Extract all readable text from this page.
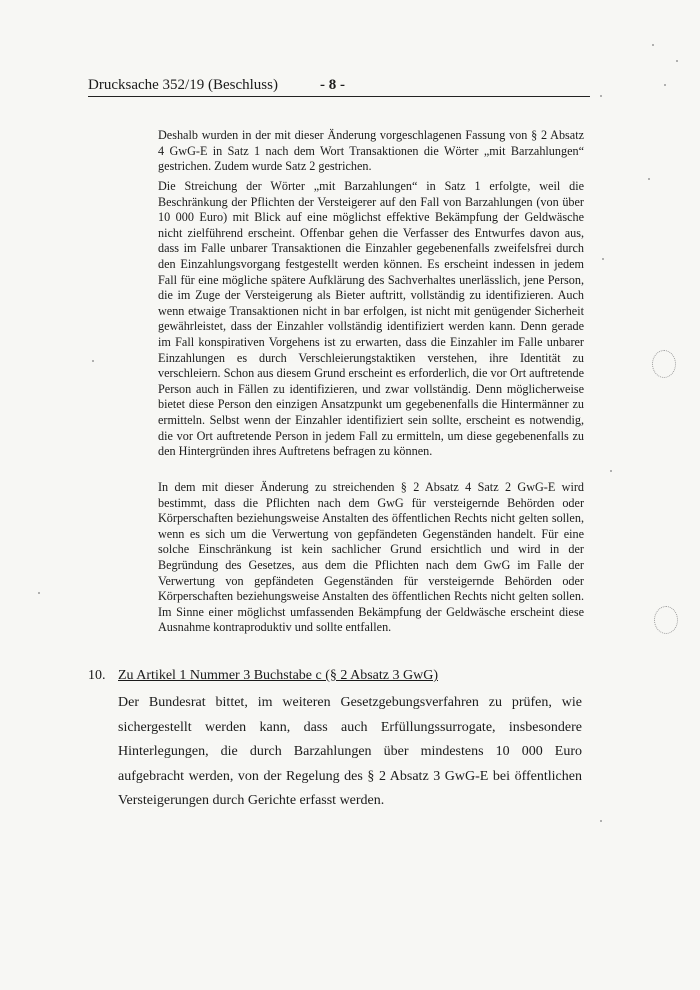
Drucksache 352/19 (Beschluss)	- 8 -
Deshalb wurden in der mit dieser Änderung vorgeschlagenen Fassung von § 2 Absatz 4 GwG-E in Satz 1 nach dem Wort Transaktionen die Wörter „mit Barzahlungen“ gestrichen. Zudem wurde Satz 2 gestrichen.
Die Streichung der Wörter „mit Barzahlungen“ in Satz 1 erfolgte, weil die Beschränkung der Pflichten der Versteigerer auf den Fall von Barzahlungen (von über 10 000 Euro) mit Blick auf eine möglichst effektive Bekämpfung der Geldwäsche nicht zielführend erscheint. Offenbar gehen die Verfasser des Entwurfes davon aus, dass im Falle unbarer Transaktionen die Einzahler gegebenenfalls zweifelsfrei durch den Einzahlungsvorgang festgestellt werden können. Es erscheint indessen in jedem Fall für eine mögliche spätere Aufklärung des Sachverhaltes unerlässlich, jene Person, die im Zuge der Versteigerung als Bieter auftritt, vollständig zu identifizieren. Auch wenn etwaige Transaktionen nicht in bar erfolgen, ist nicht mit genügender Sicherheit gewährleistet, dass der Einzahler vollständig identifiziert werden kann. Denn gerade im Fall konspirativen Vorgehens ist zu erwarten, dass die Einzahler im Falle unbarer Einzahlungen es durch Verschleierungstaktiken verstehen, ihre Identität zu verschleiern. Schon aus diesem Grund erscheint es erforderlich, die vor Ort auftretende Person auch in Fällen zu identifizieren, und zwar vollständig. Denn möglicherweise bietet diese Person den einzigen Ansatzpunkt um gegebenenfalls die Hintermänner zu ermitteln. Selbst wenn der Einzahler identifiziert sein sollte, erscheint es notwendig, die vor Ort auftretende Person in jedem Fall zu ermitteln, um diese gegebenenfalls zu den Hintergründen ihres Auftretens befragen zu können.
In dem mit dieser Änderung zu streichenden § 2 Absatz 4 Satz 2 GwG-E wird bestimmt, dass die Pflichten nach dem GwG für versteigernde Behörden oder Körperschaften beziehungsweise Anstalten des öffentlichen Rechts nicht gelten sollen, wenn es sich um die Verwertung von gepfändeten Gegenständen handelt. Für eine solche Einschränkung ist kein sachlicher Grund ersichtlich und wird in der Begründung des Gesetzes, aus dem die Pflichten nach dem GwG im Falle der Verwertung von gepfändeten Gegenständen für versteigernde Behörden oder Körperschaften beziehungsweise Anstalten des öffentlichen Rechts nicht gelten sollen. Im Sinne einer möglichst umfassenden Bekämpfung der Geldwäsche erscheint diese Ausnahme kontraproduktiv und sollte entfallen.
10. Zu Artikel 1 Nummer 3 Buchstabe c (§ 2 Absatz 3 GwG)
Der Bundesrat bittet, im weiteren Gesetzgebungsverfahren zu prüfen, wie sichergestellt werden kann, dass auch Erfüllungssurrogate, insbesondere Hinterlegungen, die durch Barzahlungen über mindestens 10 000 Euro aufgebracht werden, von der Regelung des § 2 Absatz 3 GwG-E bei öffentlichen Versteigerungen durch Gerichte erfasst werden.
